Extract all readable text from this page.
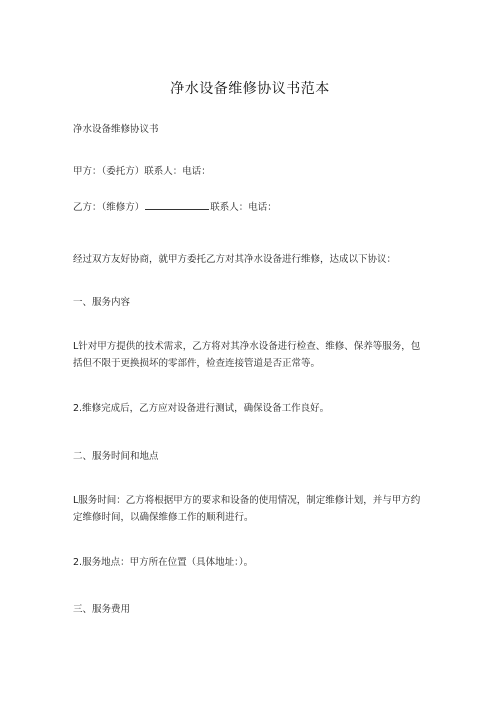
净水设备维修协议书范本
净水设备维修协议书
甲方：（委托方）联系人：电话：
乙方：（维修方）	联系人：电话：
经过双方友好协商，就甲方委托乙方对其净水设备进行维修，达成以下协议：
一、服务内容
L针对甲方提供的技术需求，乙方将对其净水设备进行检查、维修、保养等服务，包括但不限于更换损坏的零部件，检查连接管道是否正常等。
2.维修完成后，乙方应对设备进行测试，确保设备工作良好。
二、服务时间和地点
L服务时间：乙方将根据甲方的要求和设备的使用情况，制定维修计划，并与甲方约定维修时间，以确保维修工作的顺利进行。
2.服务地点：甲方所在位置（具体地址：）。
三、服务费用
